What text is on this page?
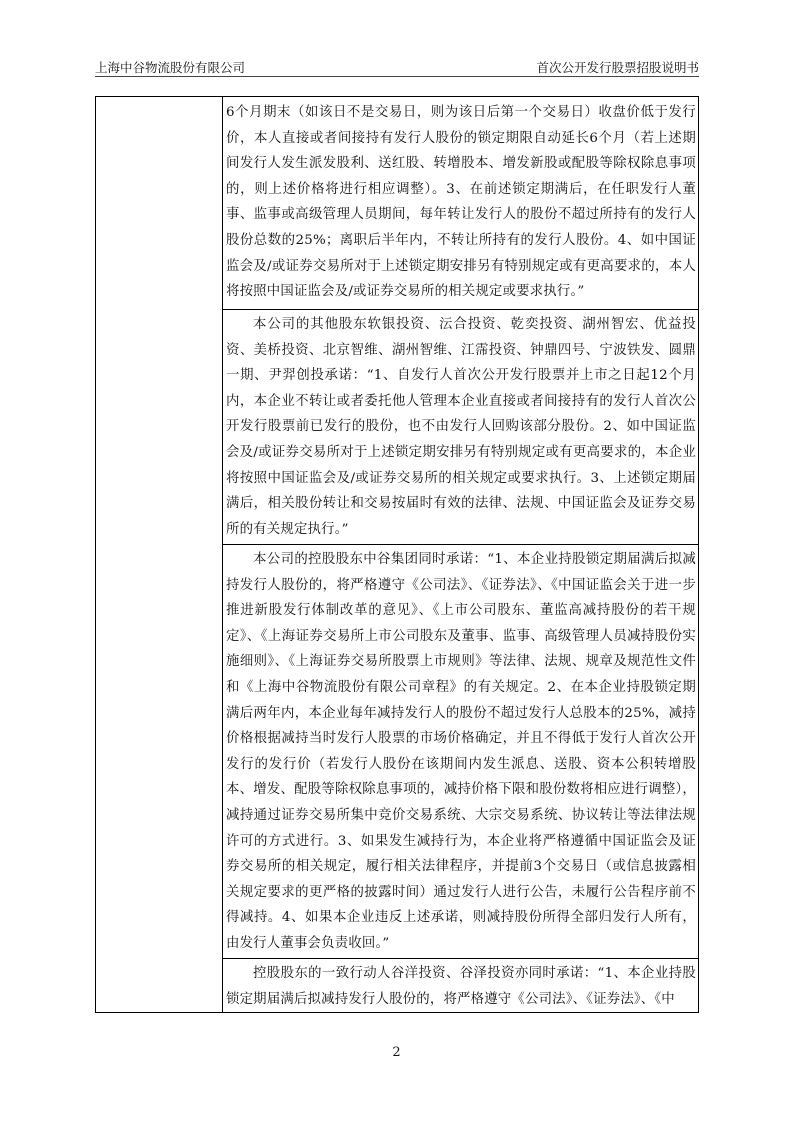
上海中谷物流股份有限公司	首次公开发行股票招股说明书

6个月期末（如该日不是交易日，则为该日后第一个交易日）收盘价低于发行价，本人直接或者间接持有发行人股份的锁定期限自动延长6个月（若上述期间发行人发生派发股利、送红股、转增股本、增发新股或配股等除权除息事项的，则上述价格将进行相应调整）。3、在前述锁定期满后，在任职发行人董事、监事或高级管理人员期间，每年转让发行人的股份不超过所持有的发行人股份总数的25%；离职后半年内，不转让所持有的发行人股份。4、如中国证监会及/或证券交易所对于上述锁定期安排另有特别规定或有更高要求的，本人将按照中国证监会及/或证券交易所的相关规定或要求执行。”

本公司的其他股东软银投资、沄合投资、乾奕投资、湖州智宏、优益投资、美桥投资、北京智维、湖州智维、江霈投资、钟鼎四号、宁波铁发、圆鼎一期、尹羿创投承诺：“1、自发行人首次公开发行股票并上市之日起12个月内，本企业不转让或者委托他人管理本企业直接或者间接持有的发行人首次公开发行股票前已发行的股份，也不由发行人回购该部分股份。2、如中国证监会及/或证券交易所对于上述锁定期安排另有特别规定或有更高要求的，本企业将按照中国证监会及/或证券交易所的相关规定或要求执行。3、上述锁定期届满后，相关股份转让和交易按届时有效的法律、法规、中国证监会及证券交易所的有关规定执行。”

本公司的控股股东中谷集团同时承诺：“1、本企业持股锁定期届满后拟减持发行人股份的，将严格遵守《公司法》、《证券法》、《中国证监会关于进一步推进新股发行体制改革的意见》、《上市公司股东、董监高减持股份的若干规定》、《上海证券交易所上市公司股东及董事、监事、高级管理人员减持股份实施细则》、《上海证券交易所股票上市规则》等法律、法规、规章及规范性文件和《上海中谷物流股份有限公司章程》的有关规定。2、在本企业持股锁定期满后两年内，本企业每年减持发行人的股份不超过发行人总股本的25%，减持价格根据减持当时发行人股票的市场价格确定，并且不得低于发行人首次公开发行的发行价（若发行人股份在该期间内发生派息、送股、资本公积转增股本、增发、配股等除权除息事项的，减持价格下限和股份数将相应进行调整），减持通过证券交易所集中竞价交易系统、大宗交易系统、协议转让等法律法规许可的方式进行。3、如果发生减持行为，本企业将严格遵循中国证监会及证券交易所的相关规定，履行相关法律程序，并提前3个交易日（或信息披露相关规定要求的更严格的披露时间）通过发行人进行公告，未履行公告程序前不得减持。4、如果本企业违反上述承诺，则减持股份所得全部归发行人所有，由发行人董事会负责收回。”

控股股东的一致行动人谷洋投资、谷泽投资亦同时承诺：“1、本企业持股锁定期届满后拟减持发行人股份的，将严格遵守《公司法》、《证券法》、《中

2
